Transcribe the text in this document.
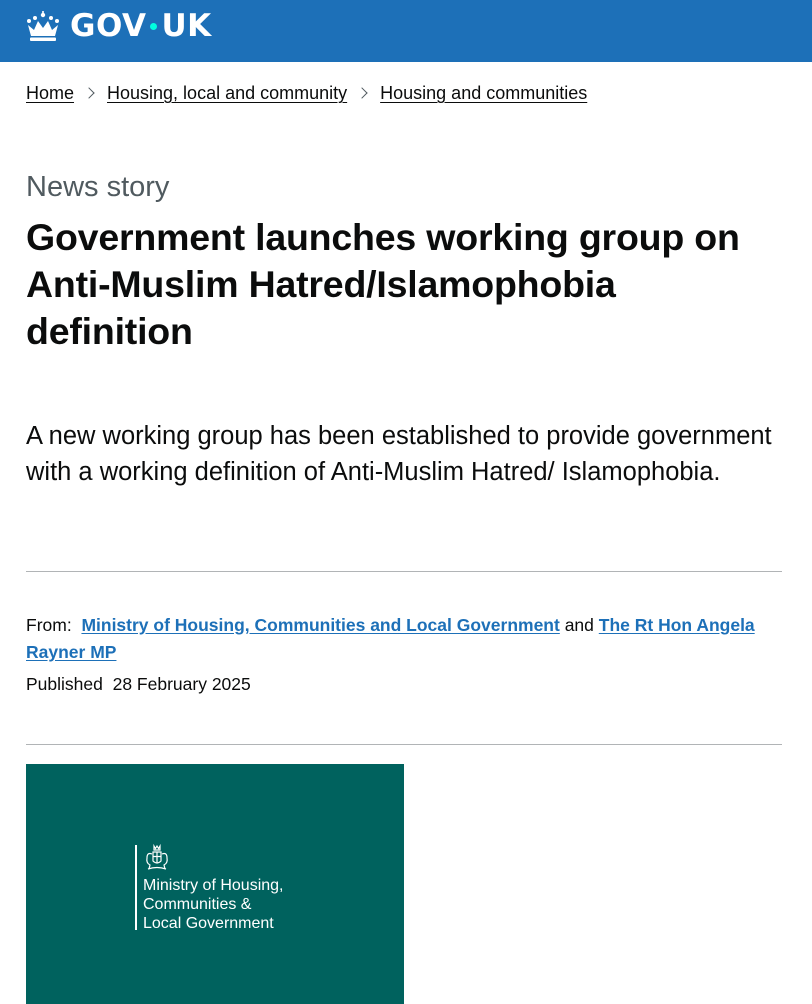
GOV UK
Home Housing, local and community Housing and communities
News story
Government launches working group on Anti-Muslim Hatred/Islamophobia definition

A new working group has been established to provide government with a working definition of Anti-Muslim Hatred/ Islamophobia.

From: Ministry of Housing, Communities and Local Government and The Rt Hon Angela Rayner MP

Published 28 February 2025

Ministry of Housing,
Communities &
Local Government
